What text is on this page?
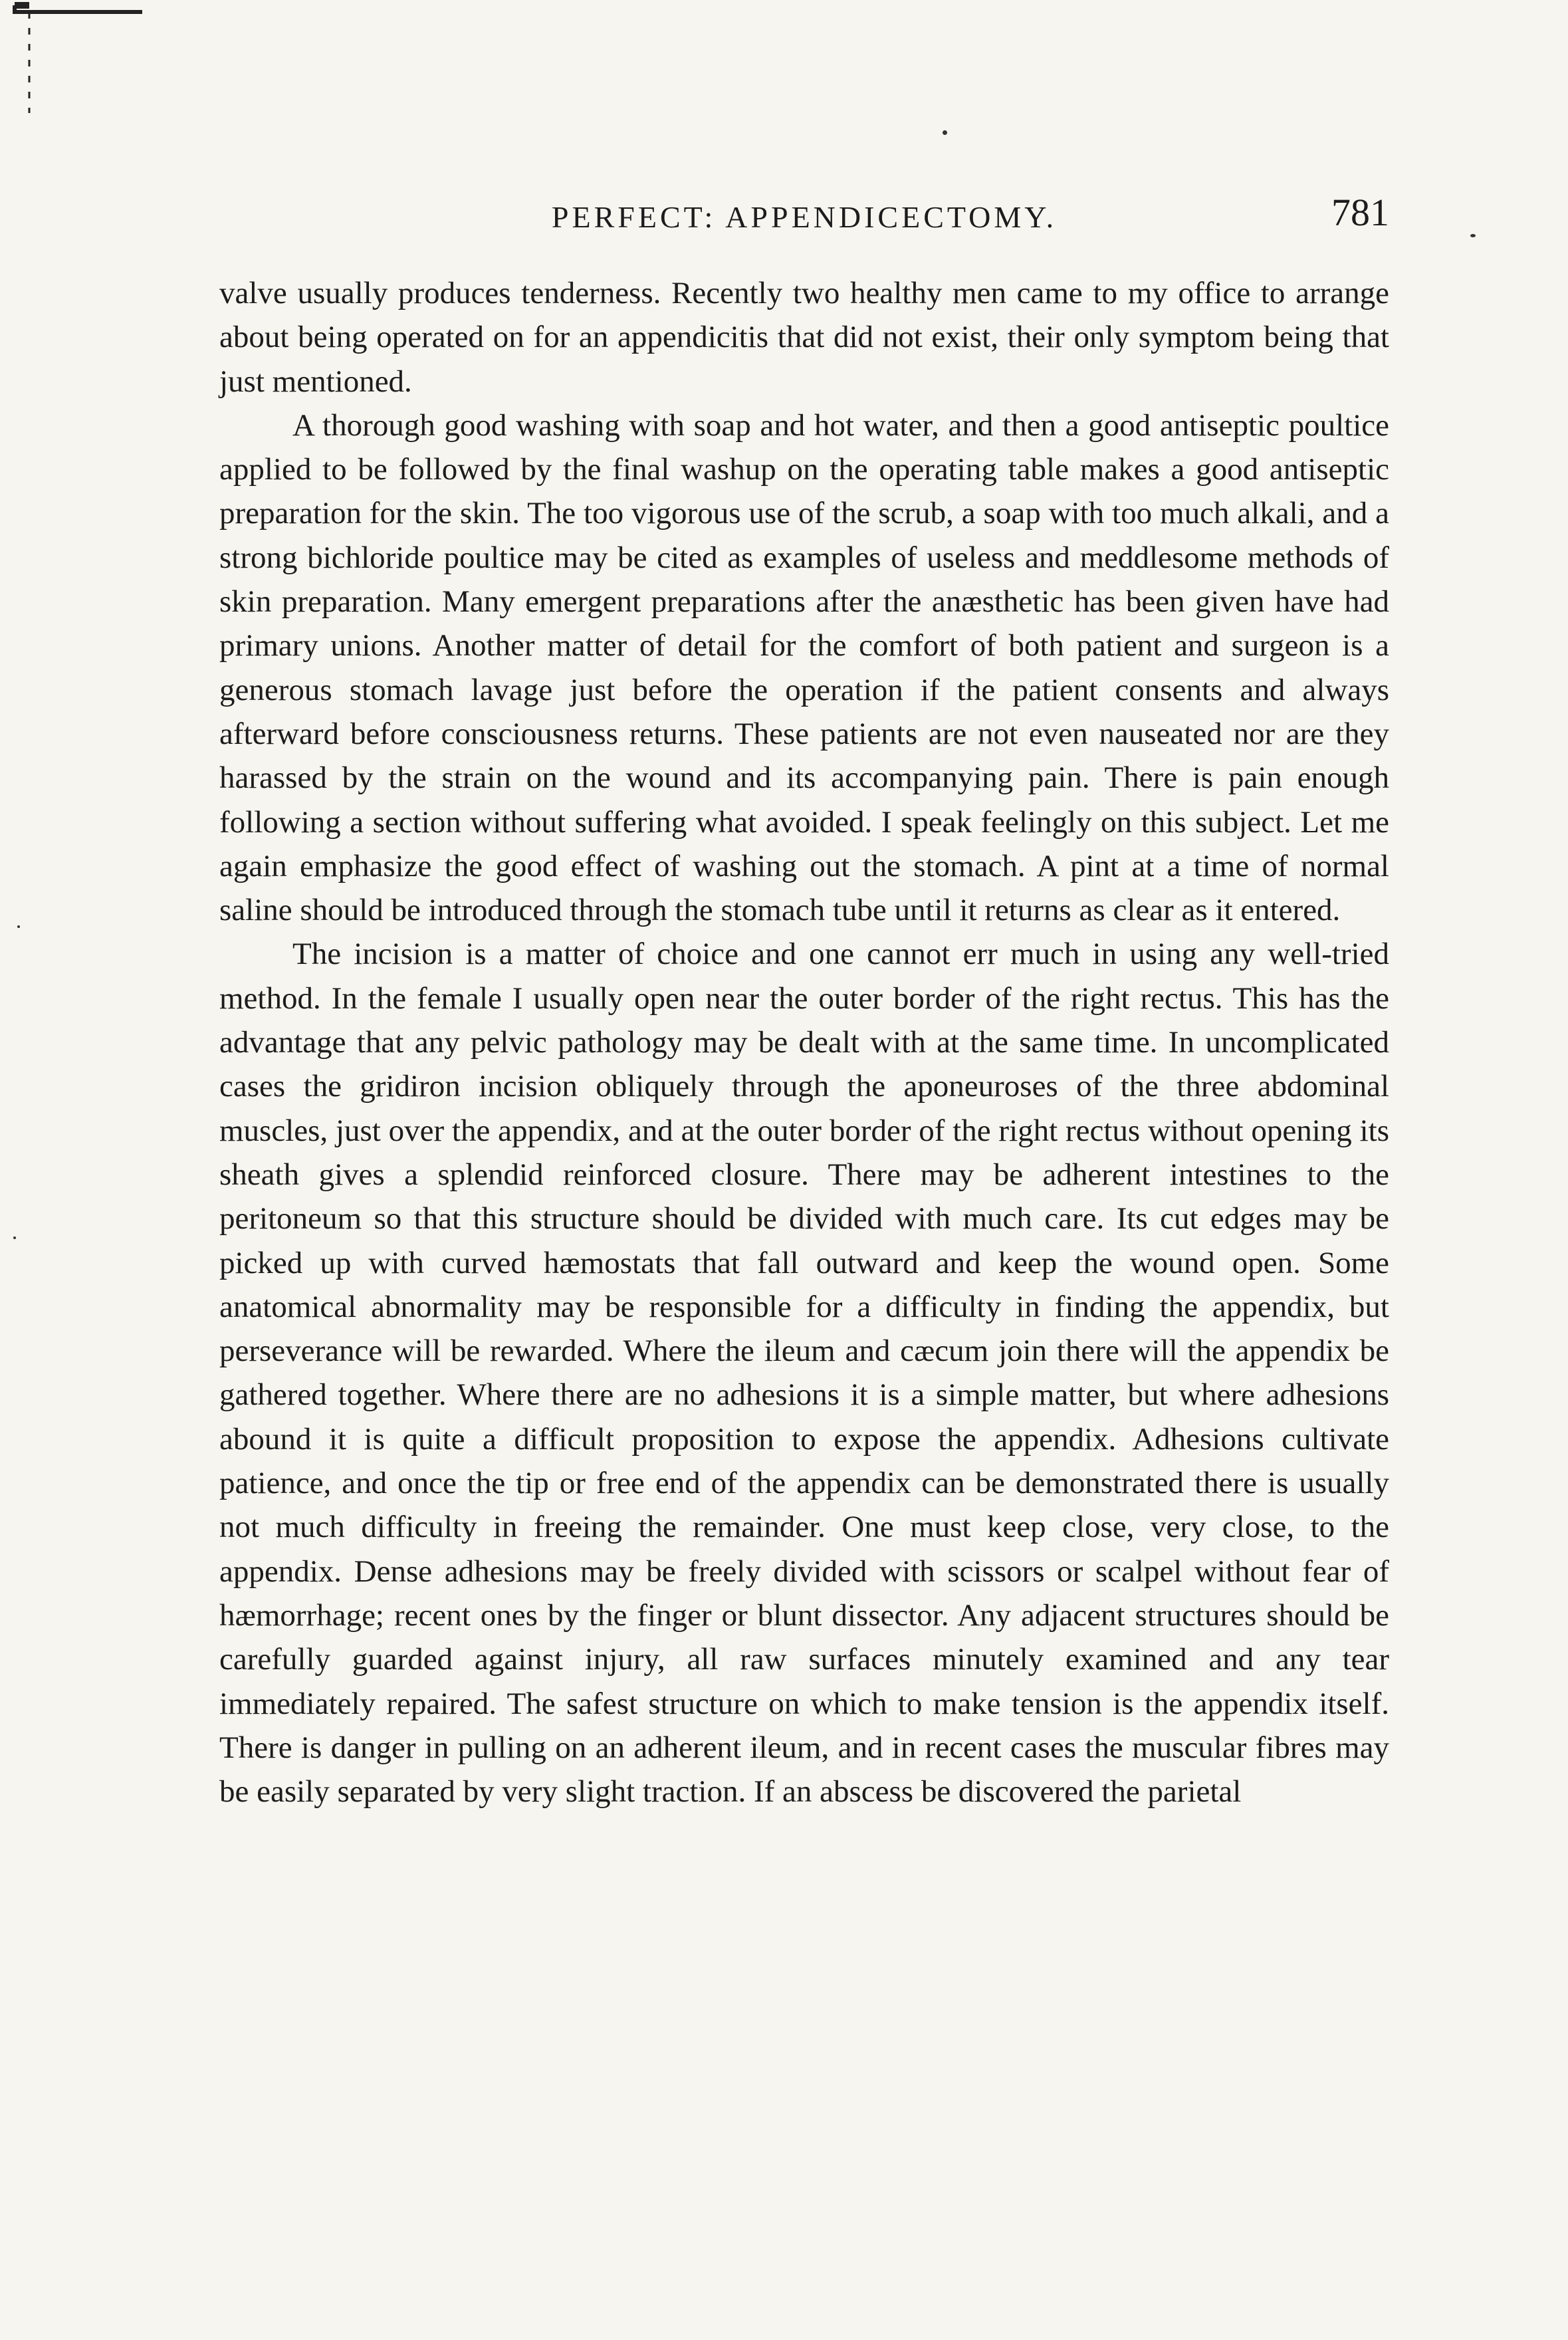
PERFECT: APPENDICECTOMY.	781

valve usually produces tenderness. Recently two healthy men came to my office to arrange about being operated on for an appendicitis that did not exist, their only symptom being that just mentioned.

A thorough good washing with soap and hot water, and then a good antiseptic poultice applied to be followed by the final washup on the operating table makes a good antiseptic preparation for the skin. The too vigorous use of the scrub, a soap with too much alkali, and a strong bichloride poultice may be cited as examples of useless and meddlesome methods of skin preparation. Many emergent preparations after the anæsthetic has been given have had primary unions. Another matter of detail for the comfort of both patient and surgeon is a generous stomach lavage just before the operation if the patient consents and always afterward before consciousness returns. These patients are not even nauseated nor are they harassed by the strain on the wound and its accompanying pain. There is pain enough following a section without suffering what avoided. I speak feelingly on this subject. Let me again emphasize the good effect of washing out the stomach. A pint at a time of normal saline should be introduced through the stomach tube until it returns as clear as it entered.

The incision is a matter of choice and one cannot err much in using any well-tried method. In the female I usually open near the outer border of the right rectus. This has the advantage that any pelvic pathology may be dealt with at the same time. In uncomplicated cases the gridiron incision obliquely through the aponeuroses of the three abdominal muscles, just over the appendix, and at the outer border of the right rectus without opening its sheath gives a splendid reinforced closure. There may be adherent intestines to the peritoneum so that this structure should be divided with much care. Its cut edges may be picked up with curved hæmostats that fall outward and keep the wound open. Some anatomical abnormality may be responsible for a difficulty in finding the appendix, but perseverance will be rewarded. Where the ileum and cæcum join there will the appendix be gathered together. Where there are no adhesions it is a simple matter, but where adhesions abound it is quite a difficult proposition to expose the appendix. Adhesions cultivate patience, and once the tip or free end of the appendix can be demonstrated there is usually not much difficulty in freeing the remainder. One must keep close, very close, to the appendix. Dense adhesions may be freely divided with scissors or scalpel without fear of hæmorrhage; recent ones by the finger or blunt dissector. Any adjacent structures should be carefully guarded against injury, all raw surfaces minutely examined and any tear immediately repaired. The safest structure on which to make tension is the appendix itself. There is danger in pulling on an adherent ileum, and in recent cases the muscular fibres may be easily separated by very slight traction. If an abscess be discovered the parietal
